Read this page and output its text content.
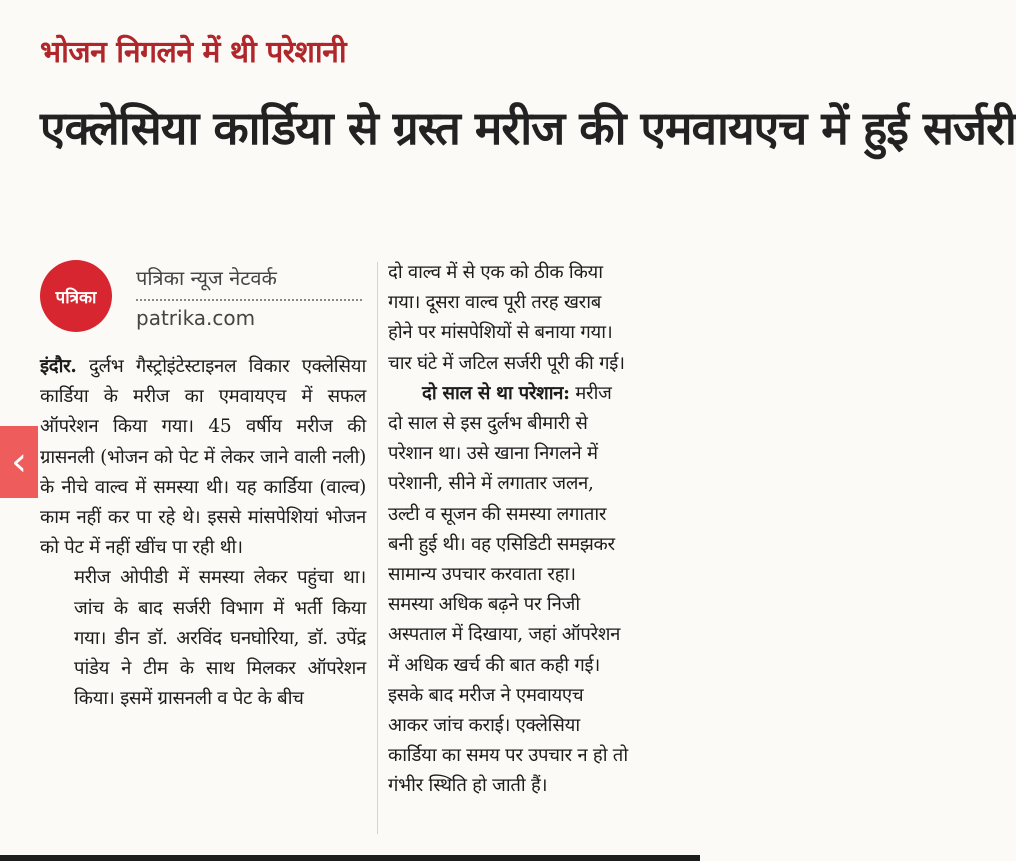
भोजन निगलने में थी परेशानी
एक्लेसिया कार्डिया से ग्रस्त मरीज की एमवायएच में हुई सर्जरी
पत्रिका
पत्रिका न्यूज नेटवर्क
patrika.com

इंदौर. दुर्लभ गैस्ट्रोइंटेस्टाइनल विकार एक्लेसिया कार्डिया के मरीज का एमवायएच में सफल ऑपरेशन किया गया। 45 वर्षीय मरीज की ग्रासनली (भोजन को पेट में लेकर जाने वाली नली) के नीचे वाल्व में समस्या थी। यह कार्डिया (वाल्व) काम नहीं कर पा रहे थे। इससे मांसपेशियां भोजन को पेट में नहीं खींच पा रही थी।

मरीज ओपीडी में समस्या लेकर पहुंचा था। जांच के बाद सर्जरी विभाग में भर्ती किया गया। डीन डॉ. अरविंद घनघोरिया, डॉ. उपेंद्र पांडेय ने टीम के साथ मिलकर ऑपरेशन किया। इसमें ग्रासनली व पेट के बीच

दो वाल्व में से एक को ठीक किया
गया। दूसरा वाल्व पूरी तरह खराब
होने पर मांसपेशियों से बनाया गया।
चार घंटे में जटिल सर्जरी पूरी की गई।
दो साल से था परेशान: मरीज
दो साल से इस दुर्लभ बीमारी से
परेशान था। उसे खाना निगलने में
परेशानी, सीने में लगातार जलन,
उल्टी व सूजन की समस्या लगातार
बनी हुई थी। वह एसिडिटी समझकर
सामान्य उपचार करवाता रहा।
समस्या अधिक बढ़ने पर निजी
अस्पताल में दिखाया, जहां ऑपरेशन
में अधिक खर्च की बात कही गई।
इसके बाद मरीज ने एमवायएच
आकर जांच कराई। एक्लेसिया
कार्डिया का समय पर उपचार न हो तो
गंभीर स्थिति हो जाती हैं।
‹
